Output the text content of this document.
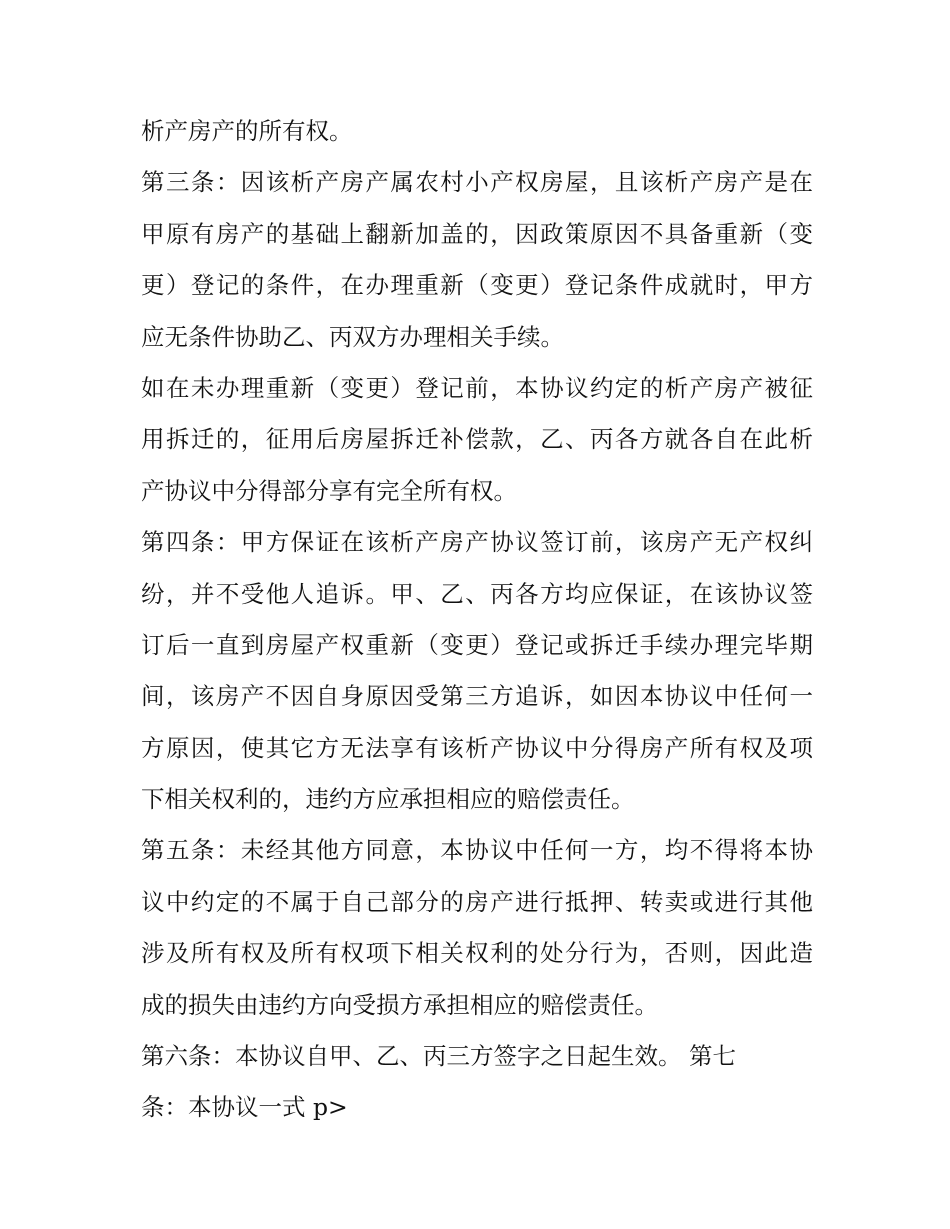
析产房产的所有权。
第三条：因该析产房产属农村小产权房屋，且该析产房产是在
甲原有房产的基础上翻新加盖的，因政策原因不具备重新（变
更）登记的条件，在办理重新（变更）登记条件成就时，甲方
应无条件协助乙、丙双方办理相关手续。
如在未办理重新（变更）登记前，本协议约定的析产房产被征
用拆迁的，征用后房屋拆迁补偿款，乙、丙各方就各自在此析
产协议中分得部分享有完全所有权。
第四条：甲方保证在该析产房产协议签订前，该房产无产权纠
纷，并不受他人追诉。甲、乙、丙各方均应保证，在该协议签
订后一直到房屋产权重新（变更）登记或拆迁手续办理完毕期
间，该房产不因自身原因受第三方追诉，如因本协议中任何一
方原因，使其它方无法享有该析产协议中分得房产所有权及项
下相关权利的，违约方应承担相应的赔偿责任。
第五条：未经其他方同意，本协议中任何一方，均不得将本协
议中约定的不属于自己部分的房产进行抵押、转卖或进行其他
涉及所有权及所有权项下相关权利的处分行为，否则，因此造
成的损失由违约方向受损方承担相应的赔偿责任。
第六条：本协议自甲、乙、丙三方签字之日起生效。 第七
条：本协议一式 p>
